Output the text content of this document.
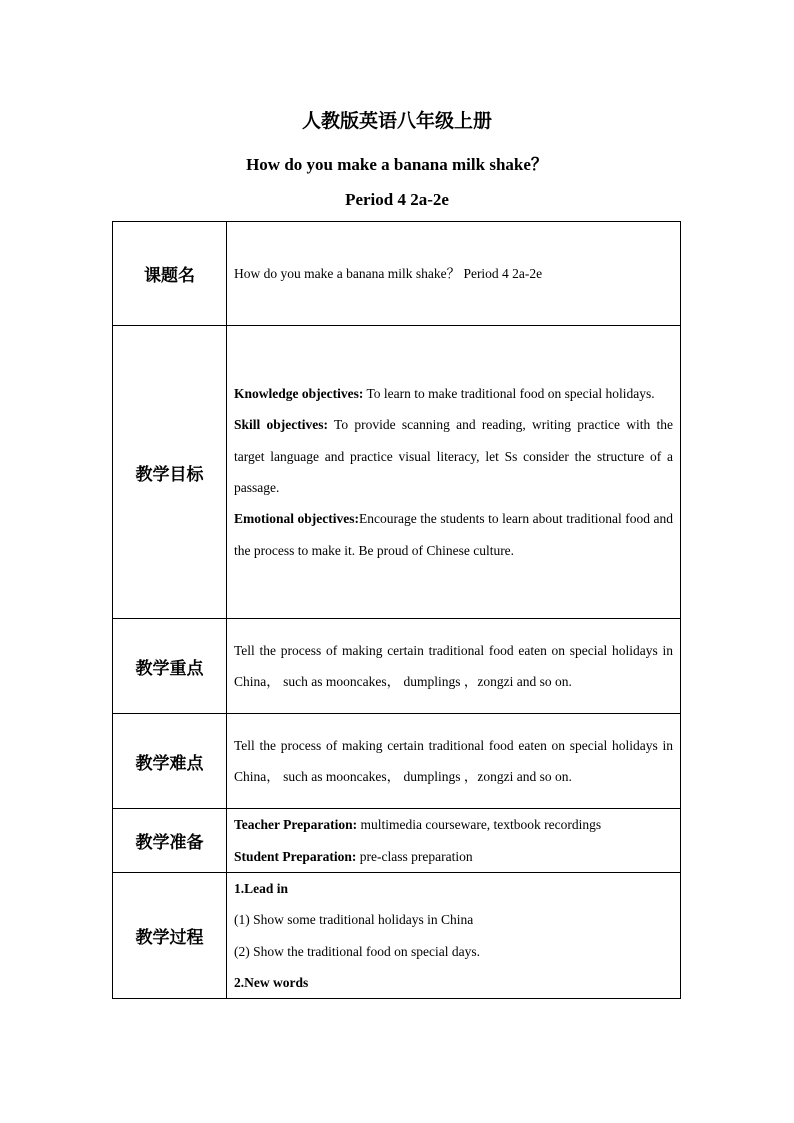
人教版英语八年级上册
How do you make a banana milk shake？
Period 4 2a-2e
课题名	How do you make a banana milk shake？ Period 4 2a-2e

教学目标	Knowledge objectives: To learn to make traditional food on special holidays.

Skill objectives: To provide scanning and reading, writing practice with the target language and practice visual literacy, let Ss consider the structure of a passage.

Emotional objectives:Encourage the students to learn about traditional food and the process to make it. Be proud of Chinese culture.

教学重点	Tell the process of making certain traditional food eaten on special holidays in China， such as mooncakes， dumplings ，zongzi and so on.

教学难点	Tell the process of making certain traditional food eaten on special holidays in China， such as mooncakes， dumplings ，zongzi and so on.

教学准备	Teacher Preparation: multimedia courseware, textbook recordings

Student Preparation: pre-class preparation

教学过程	1.Lead in

(1) Show some traditional holidays in China

(2) Show the traditional food on special days.

2.New words
